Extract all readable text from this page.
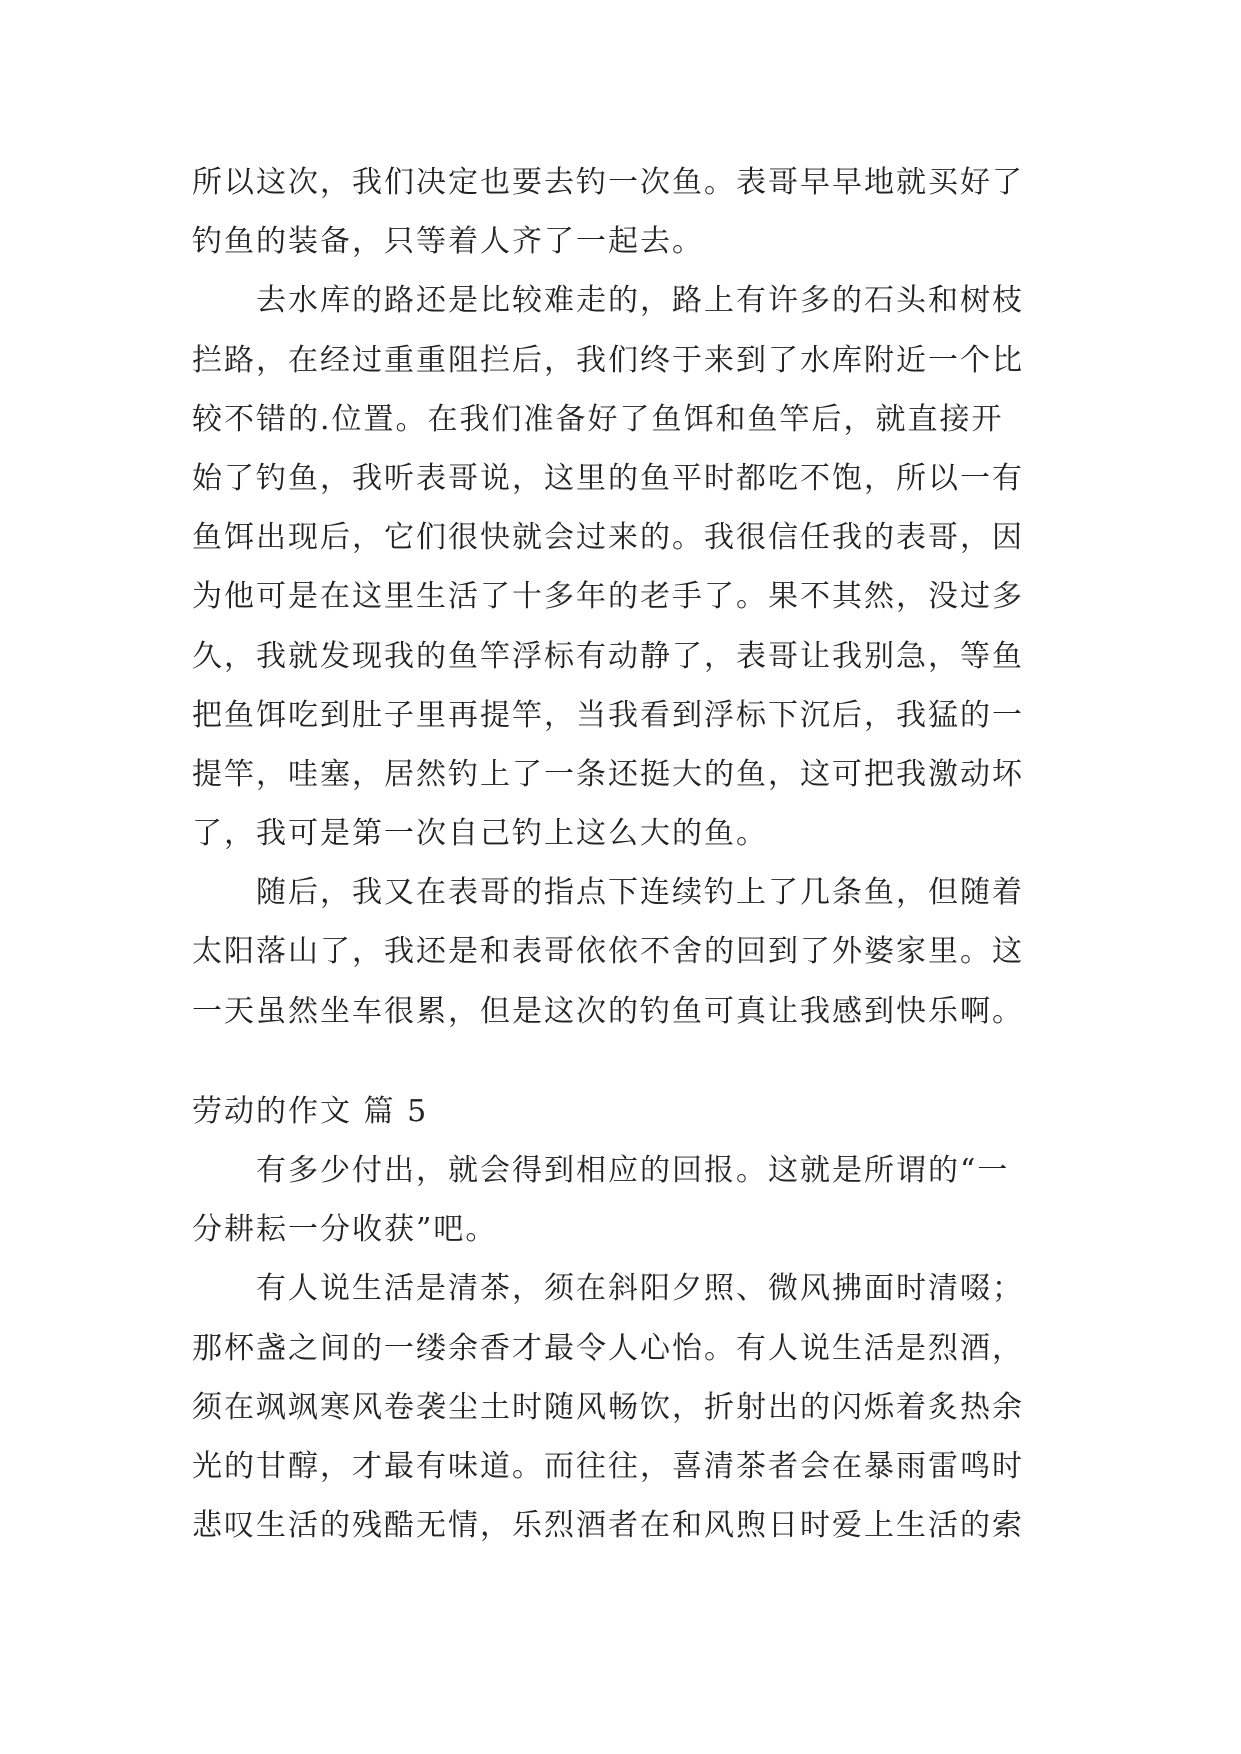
所以这次，我们决定也要去钓一次鱼。表哥早早地就买好了
钓鱼的装备，只等着人齐了一起去。
去水库的路还是比较难走的，路上有许多的石头和树枝
拦路，在经过重重阻拦后，我们终于来到了水库附近一个比
较不错的.位置。在我们准备好了鱼饵和鱼竿后，就直接开
始了钓鱼，我听表哥说，这里的鱼平时都吃不饱，所以一有
鱼饵出现后，它们很快就会过来的。我很信任我的表哥，因
为他可是在这里生活了十多年的老手了。果不其然，没过多
久，我就发现我的鱼竿浮标有动静了，表哥让我别急，等鱼
把鱼饵吃到肚子里再提竿，当我看到浮标下沉后，我猛的一
提竿，哇塞，居然钓上了一条还挺大的鱼，这可把我激动坏
了，我可是第一次自己钓上这么大的鱼。
随后，我又在表哥的指点下连续钓上了几条鱼，但随着
太阳落山了，我还是和表哥依依不舍的回到了外婆家里。这
一天虽然坐车很累，但是这次的钓鱼可真让我感到快乐啊。
劳动的作文 篇 5
有多少付出，就会得到相应的回报。这就是所谓的“一
分耕耘一分收获”吧。
有人说生活是清茶，须在斜阳夕照、微风拂面时清啜；
那杯盏之间的一缕余香才最令人心怡。有人说生活是烈酒，
须在飒飒寒风卷袭尘土时随风畅饮，折射出的闪烁着炙热余
光的甘醇，才最有味道。而往往，喜清茶者会在暴雨雷鸣时
悲叹生活的残酷无情，乐烈酒者在和风煦日时爱上生活的索
